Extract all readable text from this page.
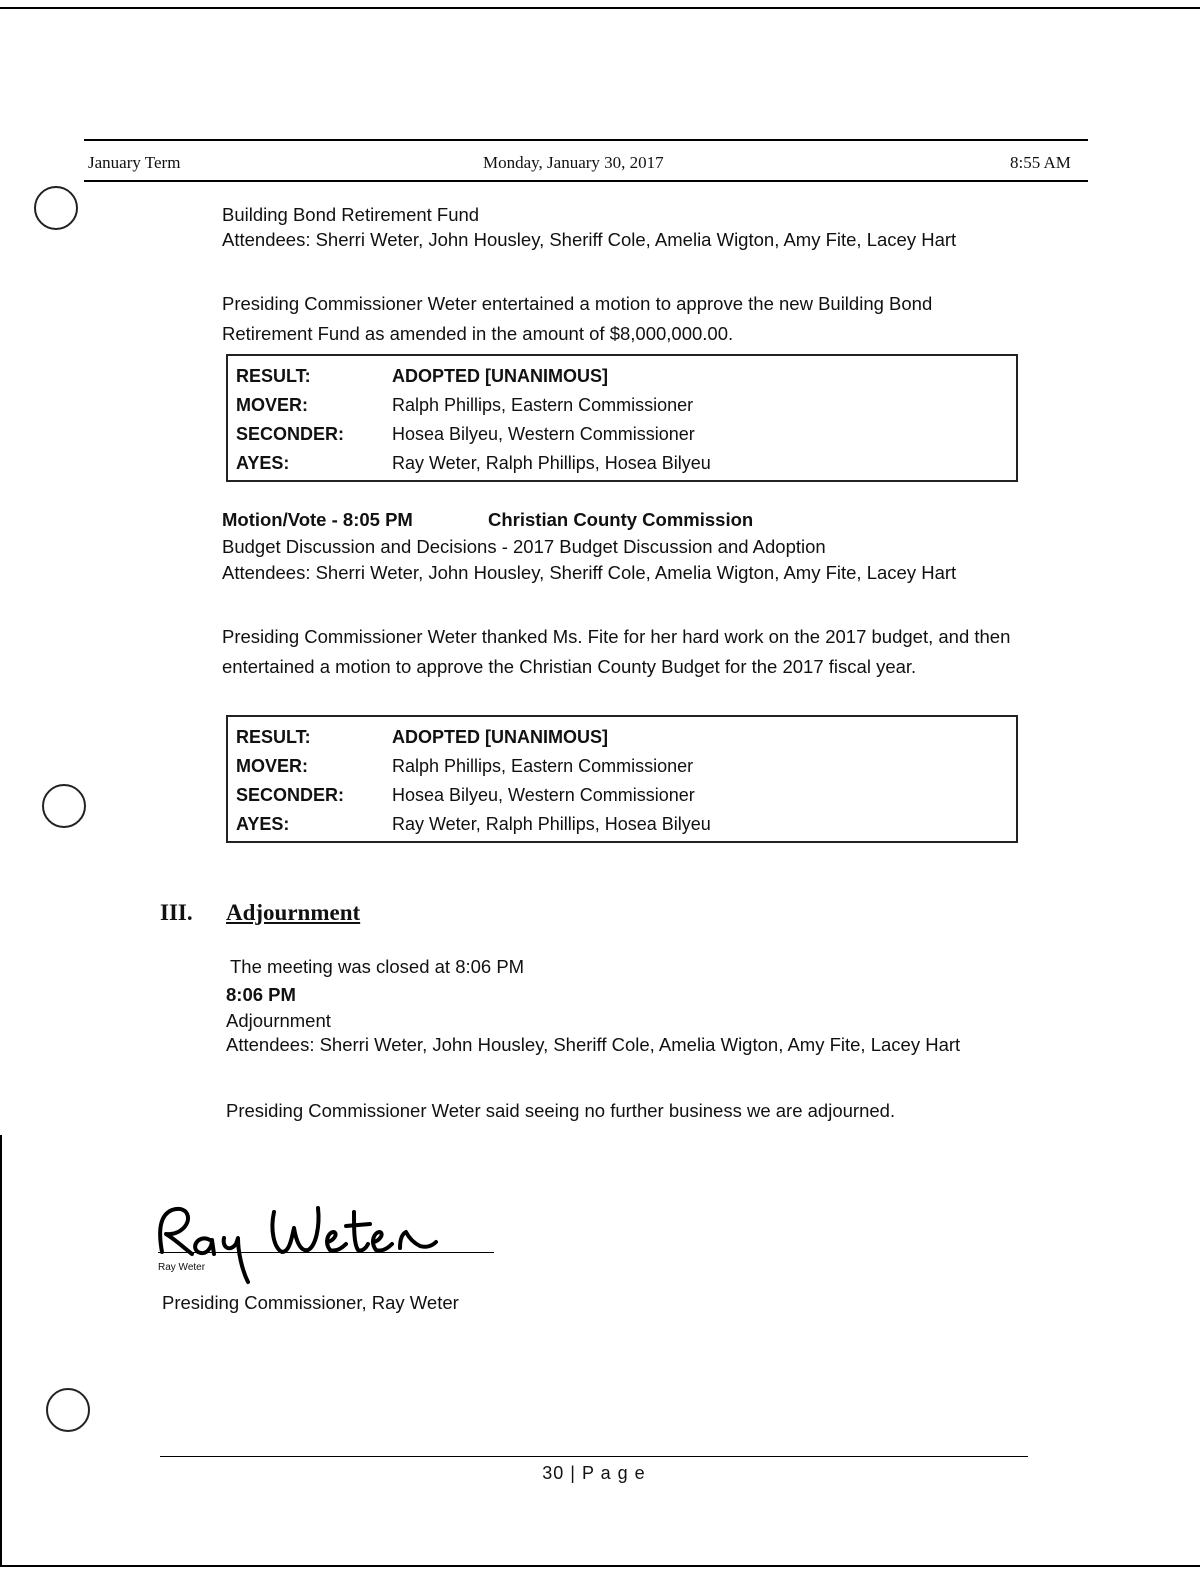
January Term	Monday, January 30, 2017	8:55 AM
Building Bond Retirement Fund
Attendees: Sherri Weter, John Housley, Sheriff Cole, Amelia Wigton, Amy Fite, Lacey Hart
Presiding Commissioner Weter entertained a motion to approve the new Building Bond Retirement Fund as amended in the amount of $8,000,000.00.
RESULT:	ADOPTED [UNANIMOUS]
MOVER:	Ralph Phillips, Eastern Commissioner
SECONDER:	Hosea Bilyeu, Western Commissioner
AYES:	Ray Weter, Ralph Phillips, Hosea Bilyeu
Motion/Vote - 8:05 PM	Christian County Commission
Budget Discussion and Decisions - 2017 Budget Discussion and Adoption
Attendees: Sherri Weter, John Housley, Sheriff Cole, Amelia Wigton, Amy Fite, Lacey Hart
Presiding Commissioner Weter thanked Ms. Fite for her hard work on the 2017 budget, and then entertained a motion to approve the Christian County Budget for the 2017 fiscal year.
RESULT:	ADOPTED [UNANIMOUS]
MOVER:	Ralph Phillips, Eastern Commissioner
SECONDER:	Hosea Bilyeu, Western Commissioner
AYES:	Ray Weter, Ralph Phillips, Hosea Bilyeu
III. Adjournment
The meeting was closed at 8:06 PM
8:06 PM
Adjournment
Attendees: Sherri Weter, John Housley, Sheriff Cole, Amelia Wigton, Amy Fite, Lacey Hart
Presiding Commissioner Weter said seeing no further business we are adjourned.
Ray Weter
Presiding Commissioner, Ray Weter
30 | P a g e
